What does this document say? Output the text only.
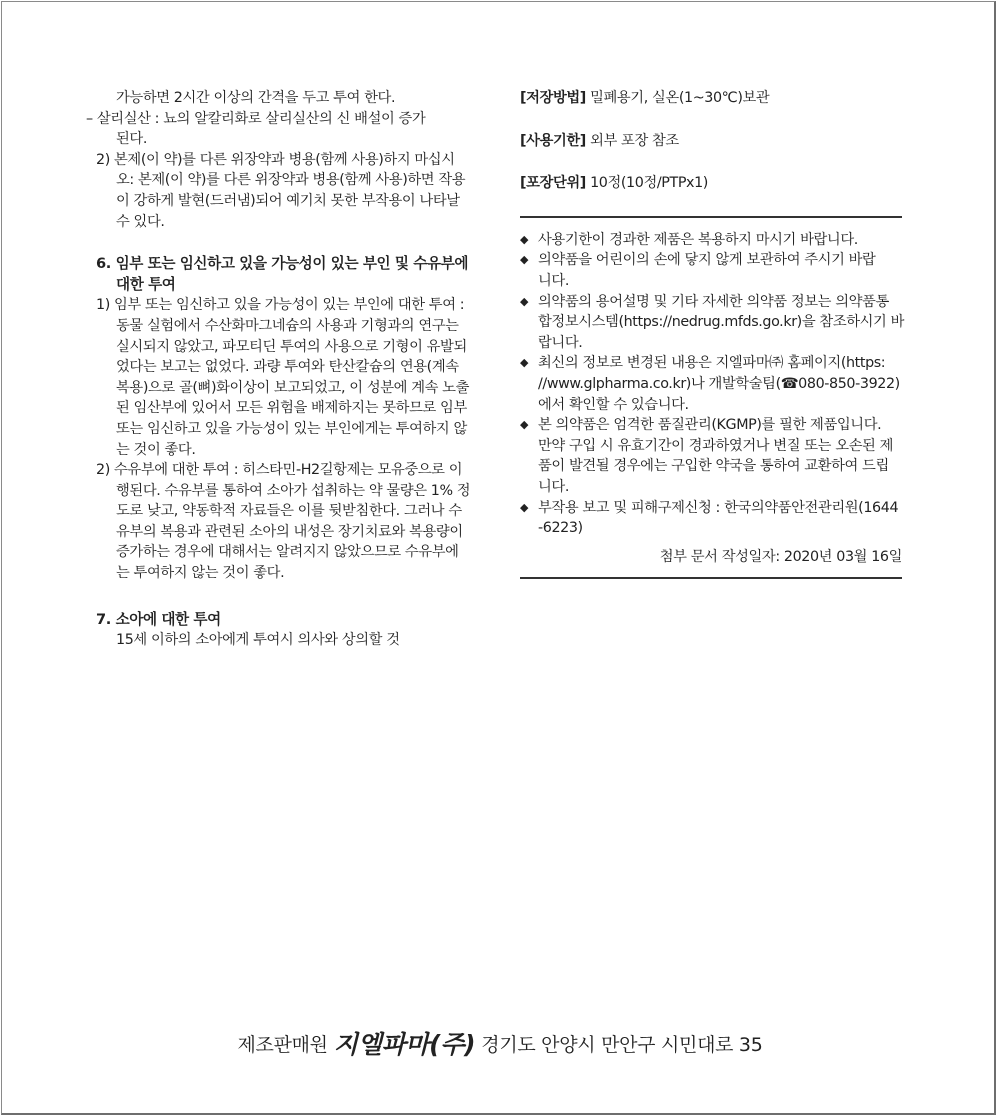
가능하면 2시간 이상의 간격을 두고 투여 한다.
– 살리실산 : 뇨의 알칼리화로 살리실산의 신 배설이 증가
된다.
2) 본제(이 약)를 다른 위장약과 병용(함께 사용)하지 마십시
오: 본제(이 약)를 다른 위장약과 병용(함께 사용)하면 작용
이 강하게 발현(드러냄)되어 예기치 못한 부작용이 나타날
수 있다.
6. 임부 또는 임신하고 있을 가능성이 있는 부인 및 수유부에
대한 투여
1) 임부 또는 임신하고 있을 가능성이 있는 부인에 대한 투여 :
동물 실험에서 수산화마그네슘의 사용과 기형과의 연구는
실시되지 않았고, 파모티딘 투여의 사용으로 기형이 유발되
었다는 보고는 없었다. 과량 투여와 탄산칼슘의 연용(계속
복용)으로 골(뼈)화이상이 보고되었고, 이 성분에 계속 노출
된 임산부에 있어서 모든 위험을 배제하지는 못하므로 임부
또는 임신하고 있을 가능성이 있는 부인에게는 투여하지 않
는 것이 좋다.
2) 수유부에 대한 투여 : 히스타민-H2길항제는 모유중으로 이
행된다. 수유부를 통하여 소아가 섭취하는 약 물량은 1% 정
도로 낮고, 약동학적 자료들은 이를 뒷받침한다. 그러나 수
유부의 복용과 관련된 소아의 내성은 장기치료와 복용량이
증가하는 경우에 대해서는 알려지지 않았으므로 수유부에
는 투여하지 않는 것이 좋다.
7. 소아에 대한 투여
15세 이하의 소아에게 투여시 의사와 상의할 것
[저장방법] 밀폐용기, 실온(1~30℃)보관
[사용기한] 외부 포장 참조
[포장단위] 10정(10정/PTPx1)
◆ 사용기한이 경과한 제품은 복용하지 마시기 바랍니다.
◆ 의약품을 어린이의 손에 닿지 않게 보관하여 주시기 바랍
니다.
◆ 의약품의 용어설명 및 기타 자세한 의약품 정보는 의약품통
합정보시스템(https://nedrug.mfds.go.kr)을 참조하시기 바
랍니다.
◆ 최신의 정보로 변경된 내용은 지엘파마㈜ 홈페이지(https:
//www.glpharma.co.kr)나 개발학술팀(☎080-850-3922)
에서 확인할 수 있습니다.
◆ 본 의약품은 엄격한 품질관리(KGMP)를 필한 제품입니다.
만약 구입 시 유효기간이 경과하였거나 변질 또는 오손된 제
품이 발견될 경우에는 구입한 약국을 통하여 교환하여 드립
니다.
◆ 부작용 보고 및 피해구제신청 : 한국의약품안전관리원(1644
-6223)
첨부 문서 작성일자: 2020년 03월 16일
제조판매원 지엘파마(주) 경기도 안양시 만안구 시민대로 35
